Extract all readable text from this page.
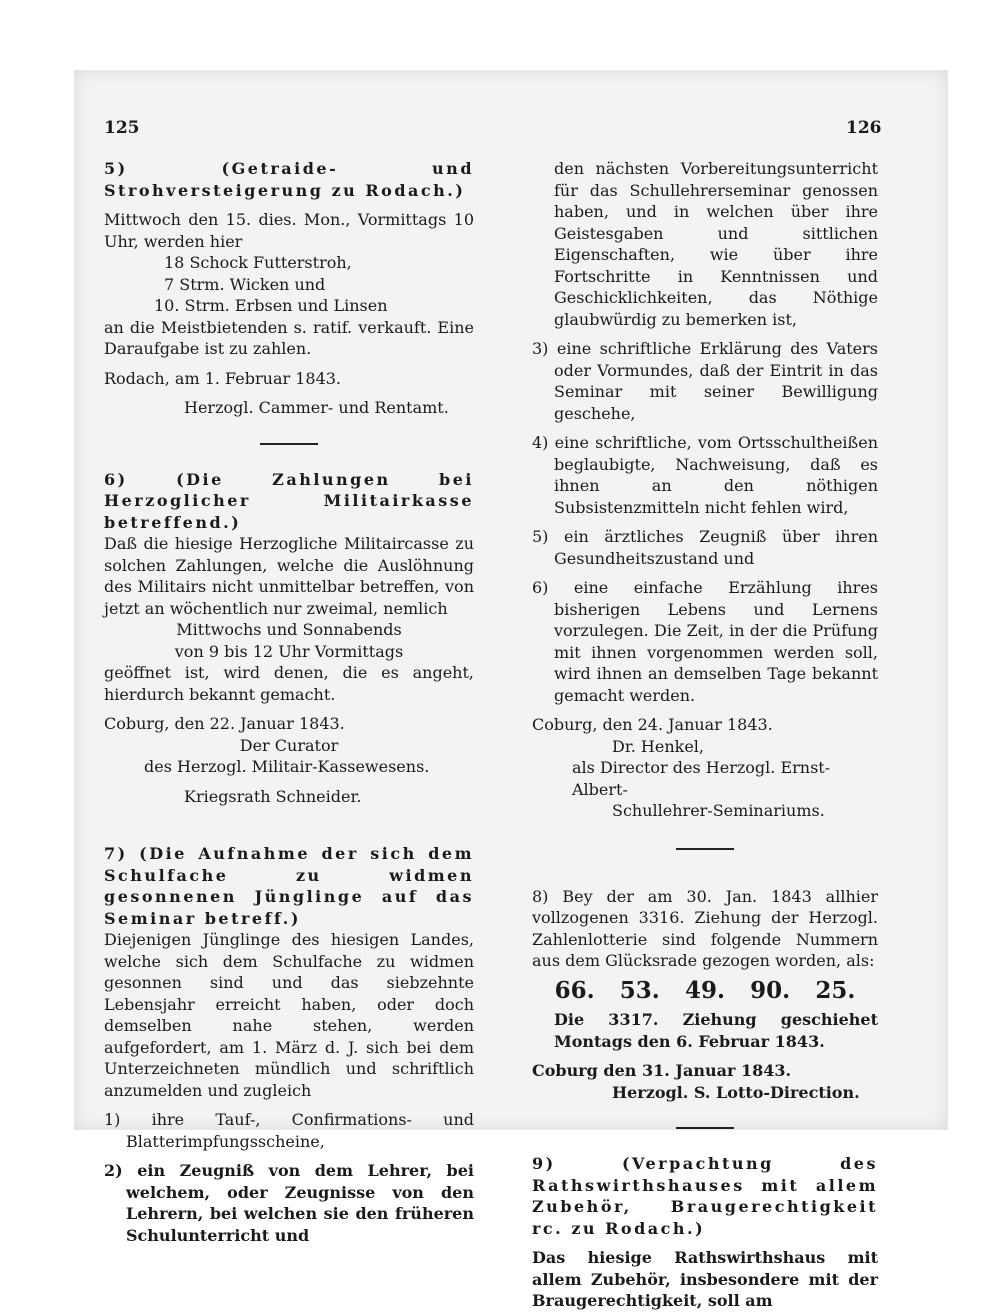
125	126

5) (Getraide- und Strohversteigerung zu Rodach.)

Mittwoch den 15. dies. Mon., Vormittags 10 Uhr, werden hier

18 Schock Futterstroh,

7 Strm. Wicken und

10. Strm. Erbsen und Linsen

an die Meistbietenden s. ratif. verkauft. Eine Daraufgabe ist zu zahlen.

Rodach, am 1. Februar 1843.

Herzogl. Cammer- und Rentamt.

6) (Die Zahlungen bei Herzoglicher Militairkasse betreffend.)

Daß die hiesige Herzogliche Militaircasse zu solchen Zahlungen, welche die Auslöhnung des Militairs nicht unmittelbar betreffen, von jetzt an wöchentlich nur zweimal, nemlich

Mittwochs und Sonnabends

von 9 bis 12 Uhr Vormittags

geöffnet ist, wird denen, die es angeht, hierdurch bekannt gemacht.

Coburg, den 22. Januar 1843.

Der Curator

des Herzogl. Militair-Kassewesens.

Kriegsrath Schneider.

7) (Die Aufnahme der sich dem Schulfache zu widmen gesonnenen Jünglinge auf das Seminar betreff.)

Diejenigen Jünglinge des hiesigen Landes, welche sich dem Schulfache zu widmen gesonnen sind und das siebzehnte Lebensjahr erreicht haben, oder doch demselben nahe stehen, werden aufgefordert, am 1. März d. J. sich bei dem Unterzeichneten mündlich und schriftlich anzumelden und zugleich

1) ihre Tauf-, Confirmations- und Blatterimpfungsscheine,

2) ein Zeugniß von dem Lehrer, bei welchem, oder Zeugnisse von den Lehrern, bei welchen sie den früheren Schulunterricht und

den nächsten Vorbereitungsunterricht für das Schullehrerseminar genossen haben, und in welchen über ihre Geistesgaben und sittlichen Eigenschaften, wie über ihre Fortschritte in Kenntnissen und Geschicklichkeiten, das Nöthige glaubwürdig zu bemerken ist,

3) eine schriftliche Erklärung des Vaters oder Vormundes, daß der Eintrit in das Seminar mit seiner Bewilligung geschehe,

4) eine schriftliche, vom Ortsschultheißen beglaubigte, Nachweisung, daß es ihnen an den nöthigen Subsistenzmitteln nicht fehlen wird,

5) ein ärztliches Zeugniß über ihren Gesundheitszustand und

6) eine einfache Erzählung ihres bisherigen Lebens und Lernens vorzulegen. Die Zeit, in der die Prüfung mit ihnen vorgenommen werden soll, wird ihnen an demselben Tage bekannt gemacht werden.

Coburg, den 24. Januar 1843.

Dr. Henkel,

als Director des Herzogl. Ernst-Albert-

Schullehrer-Seminariums.

8) Bey der am 30. Jan. 1843 allhier vollzogenen 3316. Ziehung der Herzogl. Zahlenlotterie sind folgende Nummern aus dem Glücksrade gezogen worden, als:

66. 53. 49. 90. 25.

Die 3317. Ziehung geschiehet Montags den 6. Februar 1843.

Coburg den 31. Januar 1843.

Herzogl. S. Lotto-Direction.

9) (Verpachtung des Rathswirthshauses mit allem Zubehör, Braugerechtigkeit rc. zu Rodach.)

Das hiesige Rathswirthshaus mit allem Zubehör, insbesondere mit der Braugerechtigkeit, soll am
